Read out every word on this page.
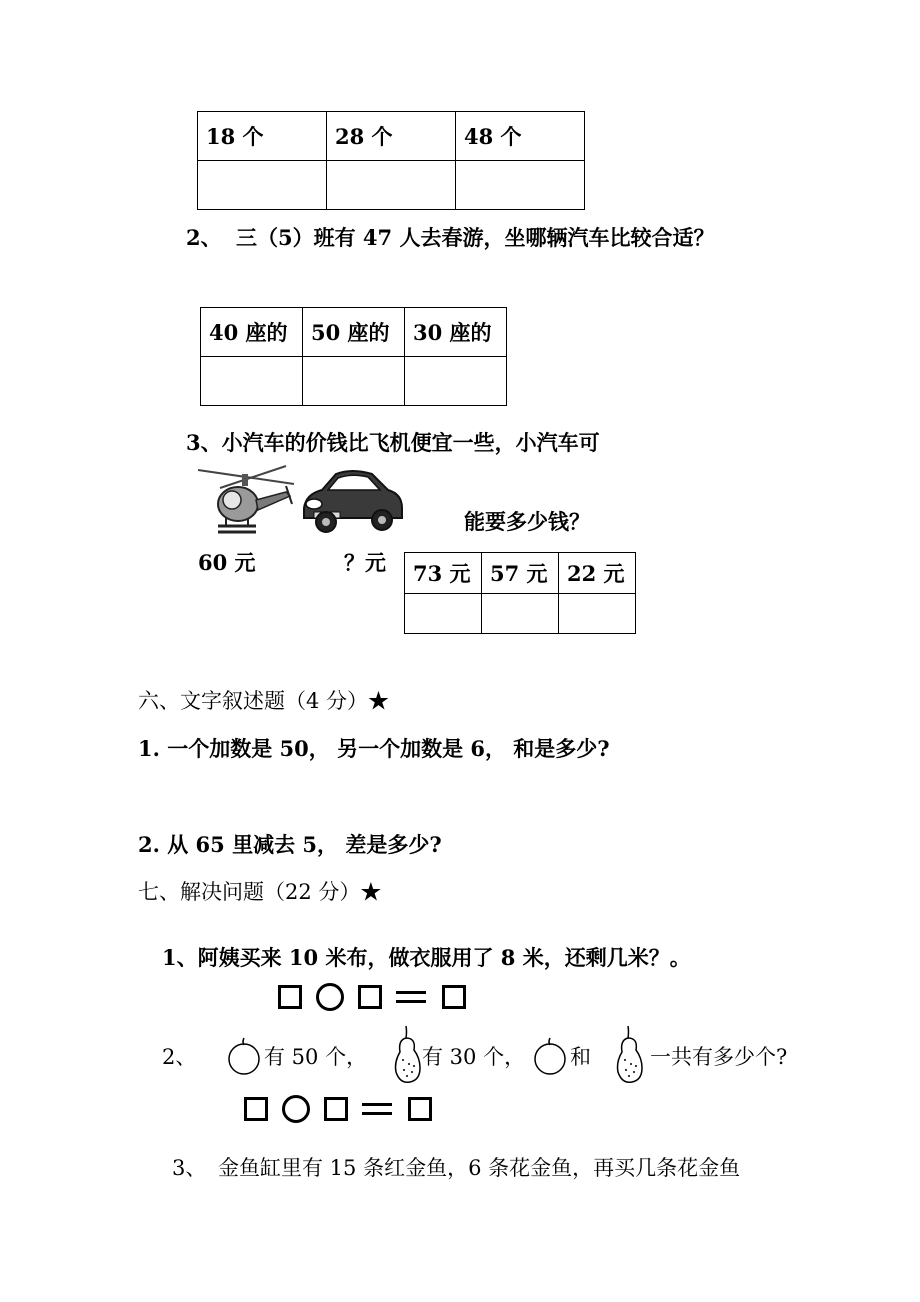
18 个	28 个	48 个

2、 三（5）班有 47 人去春游，坐哪辆汽车比较合适？
40 座的	50 座的	30 座的

3、小汽车的价钱比飞机便宜一些，小汽车可
能要多少钱？
60 元	？元 73 元	57 元	22 元

六、文字叙述题（4 分）★
1. 一个加数是 50， 另一个加数是 6， 和是多少?
2. 从 65 里减去 5， 差是多少?
七、解决问题（22 分）★
1、阿姨买来 10 米布，做衣服用了 8 米，还剩几米？。
2、	有 50 个，	有 30 个， 和	一共有多少个?
3、 金鱼缸里有 15 条红金鱼，6 条花金鱼，再买几条花金鱼
